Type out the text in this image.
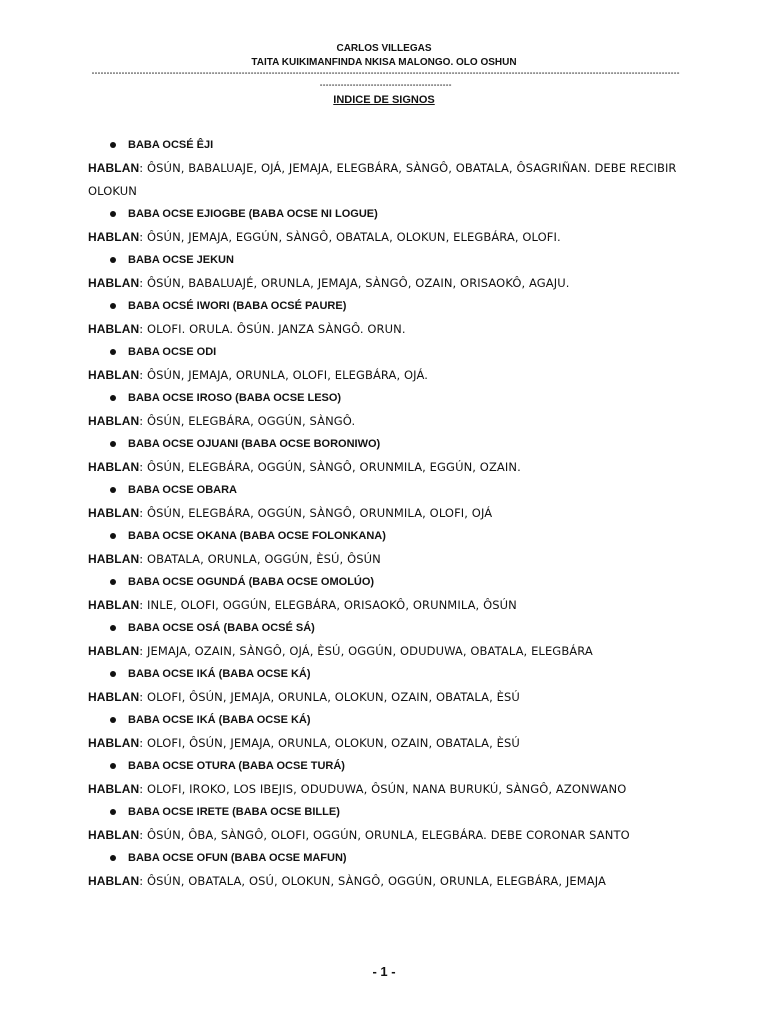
CARLOS VILLEGAS
TAITA KUIKIMANFINDA NKISA MALONGO. OLO OSHUN
------------------------------------------------------------------------------------------------------------------------------------------------------------------------------------------------------------------------------------------------
INDICE DE SIGNOS
BABA OCSÉ ÊJI
HABLAN: ÔSÚN, BABALUAJE, OJÁ, JEMAJA, ELEGBÁRA, SÀNGÔ, OBATALA, ÔSAGRIÑAN. DEBE RECIBIR OLOKUN
BABA OCSE EJIOGBE (BABA OCSE NI LOGUE)
HABLAN: ÔSÚN, JEMAJA, EGGÚN, SÀNGÔ, OBATALA, OLOKUN, ELEGBÁRA, OLOFI.
BABA OCSE JEKUN
HABLAN: ÔSÚN, BABALUAJÉ, ORUNLA, JEMAJA, SÀNGÔ, OZAIN, ORISAOKÔ, AGAJU.
BABA OCSÉ IWORI (BABA OCSÉ PAURE)
HABLAN: OLOFI. ORULA. ÔSÚN. JANZA SÀNGÔ. ORUN.
BABA OCSE ODI
HABLAN: ÔSÚN, JEMAJA, ORUNLA, OLOFI, ELEGBÁRA, OJÁ.
BABA OCSE IROSO (BABA OCSE LESO)
HABLAN: ÔSÚN, ELEGBÁRA, OGGÚN, SÀNGÔ.
BABA OCSE OJUANI (BABA OCSE BORONIWO)
HABLAN: ÔSÚN, ELEGBÁRA, OGGÚN, SÀNGÔ, ORUNMILA, EGGÚN, OZAIN.
BABA OCSE OBARA
HABLAN: ÔSÚN, ELEGBÁRA, OGGÚN, SÀNGÔ, ORUNMILA, OLOFI, OJÁ
BABA OCSE OKANA (BABA OCSE FOLONKANA)
HABLAN: OBATALA, ORUNLA, OGGÚN, ÈSÚ, ÔSÚN
BABA OCSE OGUNDÁ (BABA OCSE OMOLÚO)
HABLAN: INLE, OLOFI, OGGÚN, ELEGBÁRA, ORISAOKÔ, ORUNMILA, ÔSÚN
BABA OCSE OSÁ (BABA OCSÉ SÁ)
HABLAN: JEMAJA, OZAIN, SÀNGÔ, OJÁ, ÈSÚ, OGGÚN, ODUDUWA, OBATALA, ELEGBÁRA
BABA OCSE IKÁ (BABA OCSE KÁ)
HABLAN: OLOFI, ÔSÚN, JEMAJA, ORUNLA, OLOKUN, OZAIN, OBATALA, ÈSÚ
BABA OCSE IKÁ (BABA OCSE KÁ)
HABLAN: OLOFI, ÔSÚN, JEMAJA, ORUNLA, OLOKUN, OZAIN, OBATALA, ÈSÚ
BABA OCSE OTURA (BABA OCSE TURÁ)
HABLAN: OLOFI, IROKO, LOS IBEJIS, ODUDUWA, ÔSÚN, NANA BURUKÚ, SÀNGÔ, AZONWANO
BABA OCSE IRETE (BABA OCSE BILLE)
HABLAN: ÔSÚN, ÔBA, SÀNGÔ, OLOFI, OGGÚN, ORUNLA, ELEGBÁRA. DEBE CORONAR SANTO
BABA OCSE OFUN (BABA OCSE MAFUN)
HABLAN: ÔSÚN, OBATALA, OSÚ, OLOKUN, SÀNGÔ, OGGÚN, ORUNLA, ELEGBÁRA, JEMAJA
- 1 -
